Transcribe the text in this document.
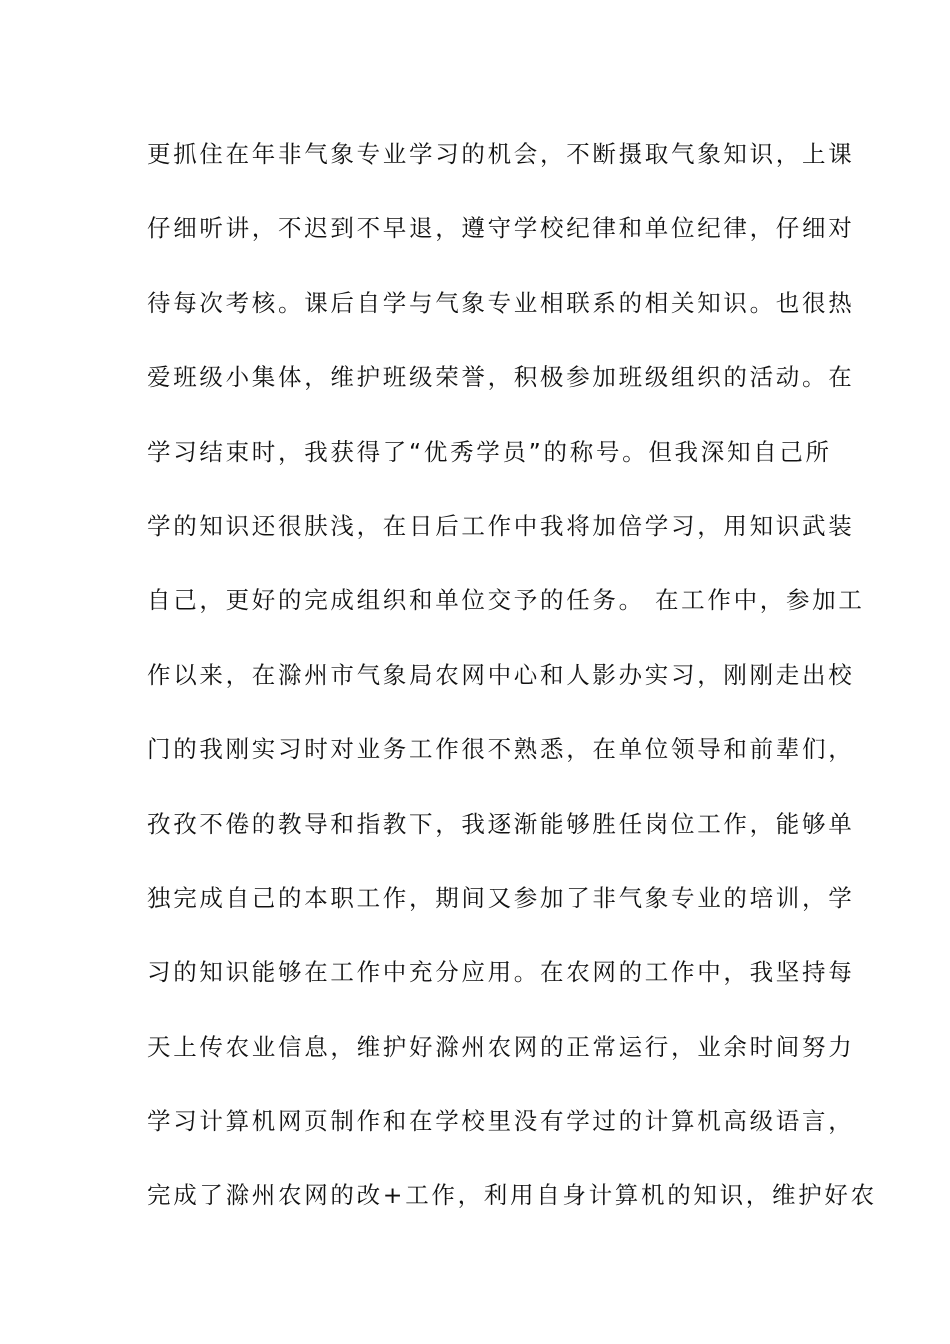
更抓住在年非气象专业学习的机会，不断摄取气象知识，上课
仔细听讲，不迟到不早退，遵守学校纪律和单位纪律，仔细对
待每次考核。课后自学与气象专业相联系的相关知识。也很热
爱班级小集体，维护班级荣誉，积极参加班级组织的活动。在
学习结束时，我获得了“优秀学员”的称号。但我深知自己所
学的知识还很肤浅，在日后工作中我将加倍学习，用知识武装
自己，更好的完成组织和单位交予的任务。 在工作中，参加工
作以来，在滁州市气象局农网中心和人影办实习，刚刚走出校
门的我刚实习时对业务工作很不熟悉，在单位领导和前辈们，
孜孜不倦的教导和指教下，我逐渐能够胜任岗位工作，能够单
独完成自己的本职工作，期间又参加了非气象专业的培训，学
习的知识能够在工作中充分应用。在农网的工作中，我坚持每
天上传农业信息，维护好滁州农网的正常运行，业余时间努力
学习计算机网页制作和在学校里没有学过的计算机高级语言，
完成了滁州农网的改+工作，利用自身计算机的知识，维护好农
